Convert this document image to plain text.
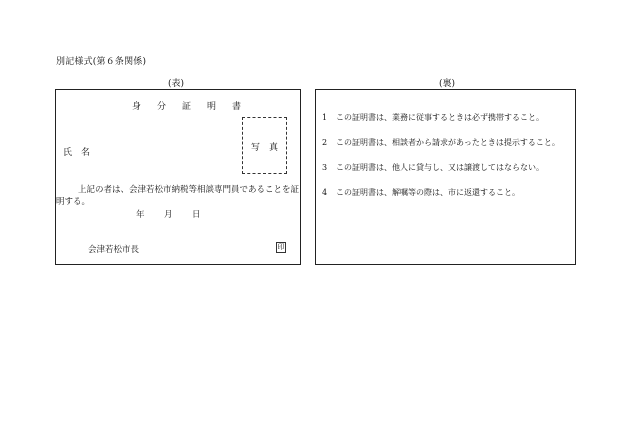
別記様式(第６条関係)
(表)	(裏)
身	分	証	明	書
氏　名	写　真
上記の者は、会津若松市納税等相談専門員であることを証明する。
年	月	日
会津若松市長	印
1 この証明書は、業務に従事するときは必ず携帯すること。
2 この証明書は、相談者から請求があったときは提示すること。
3 この証明書は、他人に貸与し、又は譲渡してはならない。
4 この証明書は、解嘱等の際は、市に返還すること。
